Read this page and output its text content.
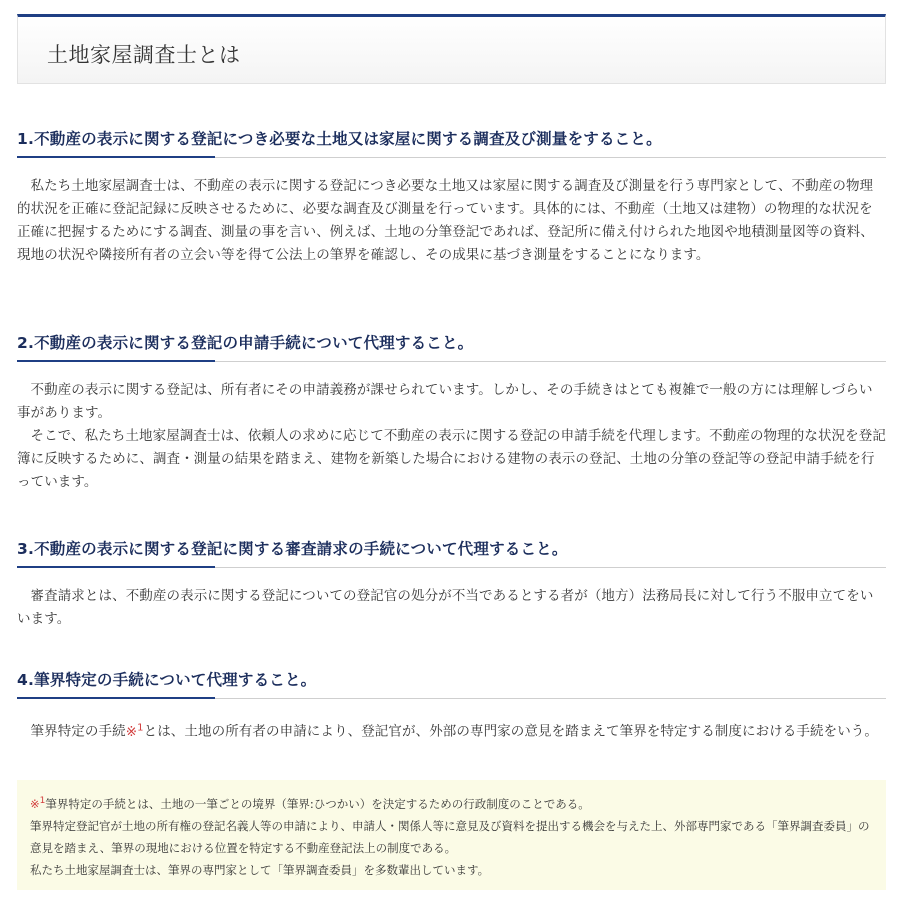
土地家屋調査士とは
1.不動産の表示に関する登記につき必要な土地又は家屋に関する調査及び測量をすること。

私たち土地家屋調査士は、不動産の表示に関する登記につき必要な土地又は家屋に関する調査及び測量を行う専門家として、不動産の物理的状況を正確に登記記録に反映させるために、必要な調査及び測量を行っています。具体的には、不動産（土地又は建物）の物理的な状況を正確に把握するためにする調査、測量の事を言い、例えば、土地の分筆登記であれば、登記所に備え付けられた地図や地積測量図等の資料、現地の状況や隣接所有者の立会い等を得て公法上の筆界を確認し、その成果に基づき測量をすることになります。

2.不動産の表示に関する登記の申請手続について代理すること。

不動産の表示に関する登記は、所有者にその申請義務が課せられています。しかし、その手続きはとても複雑で一般の方には理解しづらい事があります。

そこで、私たち土地家屋調査士は、依頼人の求めに応じて不動産の表示に関する登記の申請手続を代理します。不動産の物理的な状況を登記簿に反映するために、調査・測量の結果を踏まえ、建物を新築した場合における建物の表示の登記、土地の分筆の登記等の登記申請手続を行っています。

3.不動産の表示に関する登記に関する審査請求の手続について代理すること。

審査請求とは、不動産の表示に関する登記についての登記官の処分が不当であるとする者が（地方）法務局長に対して行う不服申立てをいいます。

4.筆界特定の手続について代理すること。

筆界特定の手続※$^1$とは、土地の所有者の申請により、登記官が、外部の専門家の意見を踏まえて筆界を特定する制度における手続をいう。

※$^1$筆界特定の手続とは、土地の一筆ごとの境界（筆界:ひつかい）を決定するための行政制度のことである。

筆界特定登記官が土地の所有権の登記名義人等の申請により、申請人・関係人等に意見及び資料を提出する機会を与えた上、外部専門家である「筆界調査委員」の意見を踏まえ、筆界の現地における位置を特定する不動産登記法上の制度である。

私たち土地家屋調査士は、筆界の専門家として「筆界調査委員」を多数輩出しています。
